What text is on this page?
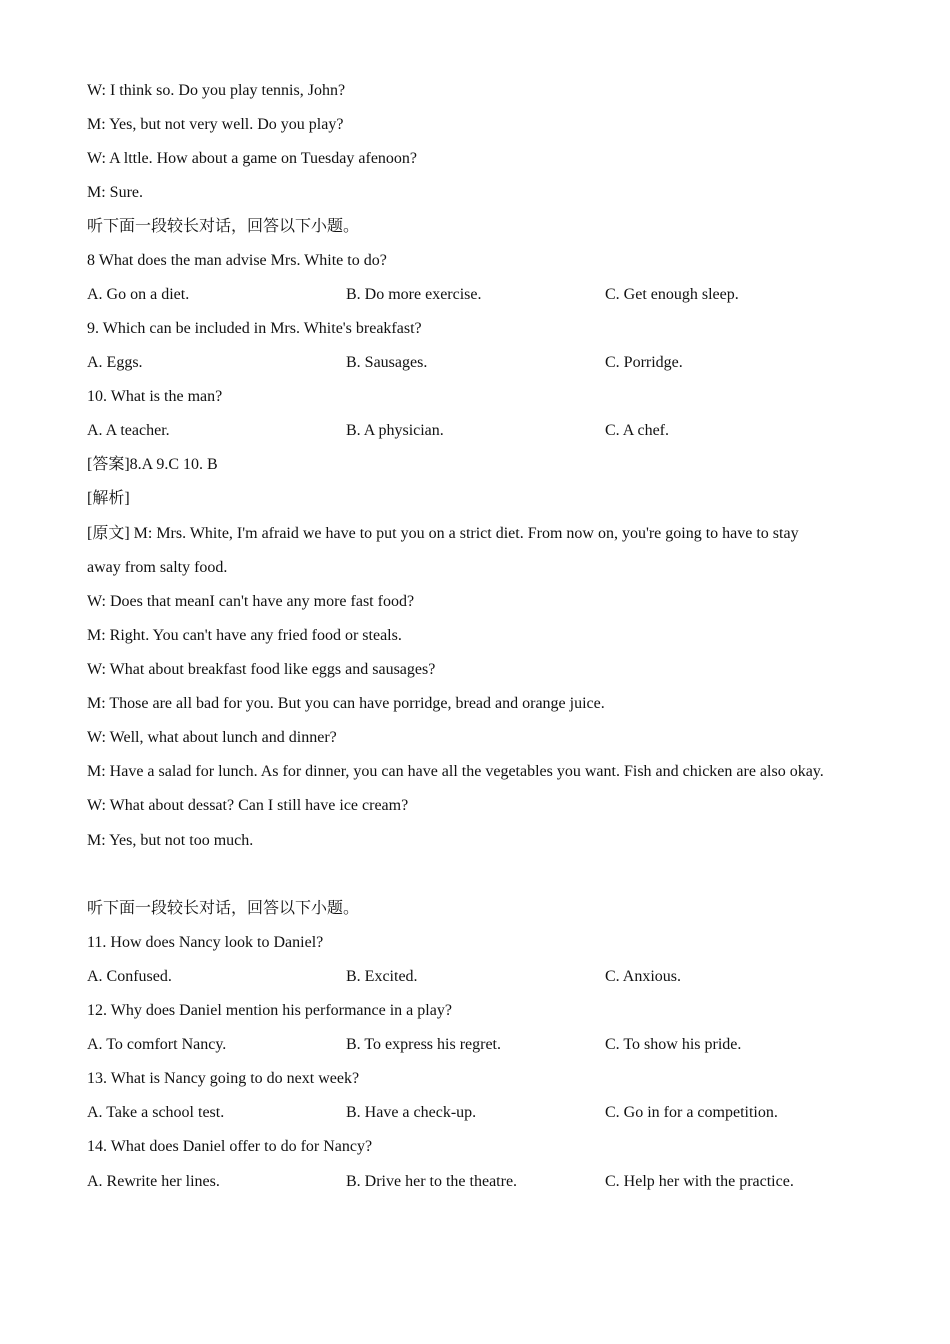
W: I think so. Do you play tennis, John?
M: Yes, but not very well. Do you play?
W: A lttle. How about a game on Tuesday afenoon?
M: Sure.
听下面一段较长对话，回答以下小题。
8 What does the man advise Mrs. White to do?
A. Go on a diet.	B. Do more exercise.	C. Get enough sleep.
9. Which can be included in Mrs. White's breakfast?
A. Eggs.	B. Sausages.	C. Porridge.
10. What is the man?
A. A teacher.	B. A physician.	C. A chef.
[答案]8.A 9.C 10. B
[解析]
[原文] M: Mrs. White, I'm afraid we have to put you on a strict diet. From now on, you're going to have to stay
away from salty food.
W: Does that meanI can't have any more fast food?
M: Right. You can't have any fried food or steals.
W: What about breakfast food like eggs and sausages?
M: Those are all bad for you. But you can have porridge, bread and orange juice.
W: Well, what about lunch and dinner?
M: Have a salad for lunch. As for dinner, you can have all the vegetables you want. Fish and chicken are also okay.
W: What about dessat? Can I still have ice cream?
M: Yes, but not too much.
听下面一段较长对话，回答以下小题。
11. How does Nancy look to Daniel?
A. Confused.	B. Excited.	C. Anxious.
12. Why does Daniel mention his performance in a play?
A. To comfort Nancy.	B. To express his regret.	C. To show his pride.
13. What is Nancy going to do next week?
A. Take a school test.	B. Have a check-up.	C. Go in for a competition.
14. What does Daniel offer to do for Nancy?
A. Rewrite her lines.	B. Drive her to the theatre.	C. Help her with the practice.
